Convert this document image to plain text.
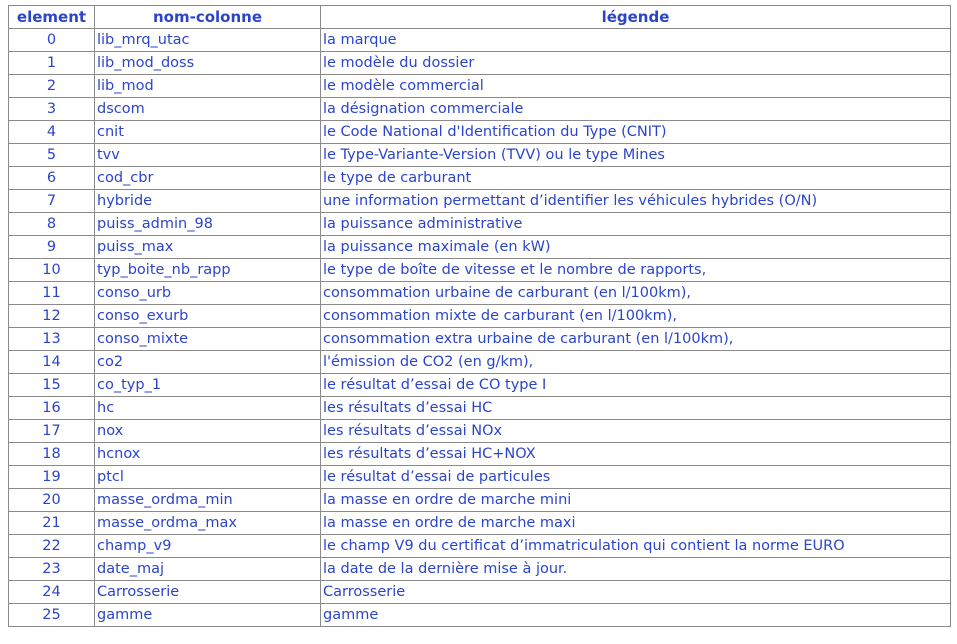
element	nom-colonne	légende
0	lib_mrq_utac	la marque
1	lib_mod_doss	le modèle du dossier
2	lib_mod	le modèle commercial
3	dscom	la désignation commerciale
4	cnit	le Code National d'Identification du Type (CNIT)
5	tvv	le Type-Variante-Version (TVV) ou le type Mines
6	cod_cbr	le type de carburant
7	hybride	une information permettant d’identifier les véhicules hybrides (O/N)
8	puiss_admin_98	la puissance administrative
9	puiss_max	la puissance maximale (en kW)
10	typ_boite_nb_rapp	le type de boîte de vitesse et le nombre de rapports,
11	conso_urb	consommation urbaine de carburant (en l/100km),
12	conso_exurb	consommation mixte de carburant (en l/100km),
13	conso_mixte	consommation extra urbaine de carburant (en l/100km),
14	co2	l'émission de CO2 (en g/km),
15	co_typ_1	le résultat d’essai de CO type I
16	hc	les résultats d’essai HC
17	nox	les résultats d’essai NOx
18	hcnox	les résultats d’essai HC+NOX
19	ptcl	le résultat d’essai de particules
20	masse_ordma_min	la masse en ordre de marche mini
21	masse_ordma_max	la masse en ordre de marche maxi
22	champ_v9	le champ V9 du certificat d’immatriculation qui contient la norme EURO
23	date_maj	la date de la dernière mise à jour.
24	Carrosserie	Carrosserie
25	gamme	gamme
